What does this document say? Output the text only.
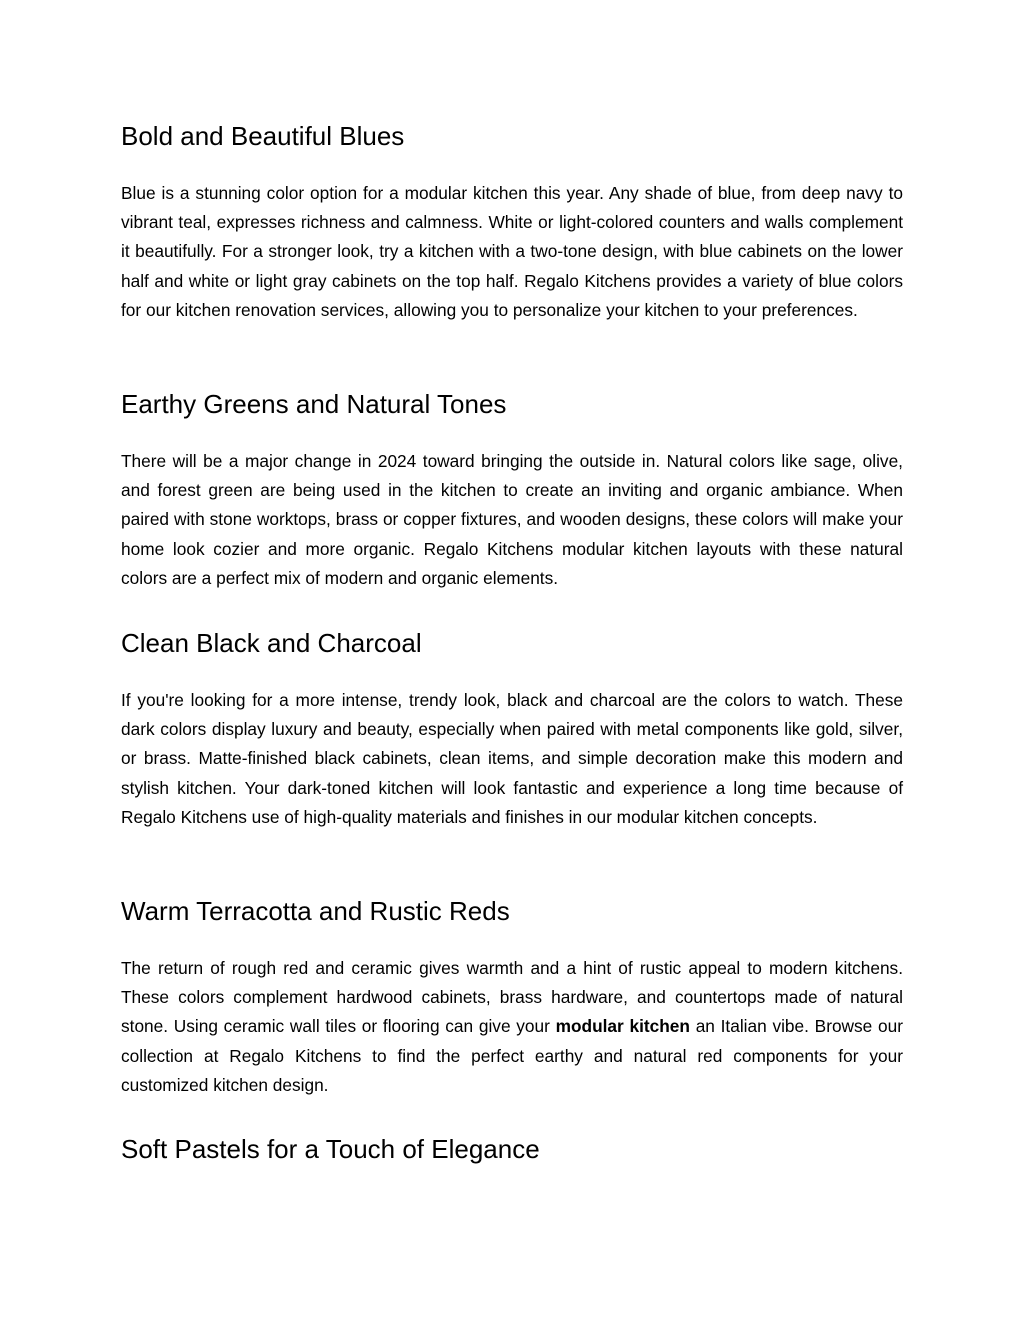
Bold and Beautiful Blues

Blue is a stunning color option for a modular kitchen this year. Any shade of blue, from deep navy to vibrant teal, expresses richness and calmness. White or light-colored counters and walls complement it beautifully. For a stronger look, try a kitchen with a two-tone design, with blue cabinets on the lower half and white or light gray cabinets on the top half. Regalo Kitchens provides a variety of blue colors for our kitchen renovation services, allowing you to personalize your kitchen to your preferences.

Earthy Greens and Natural Tones

There will be a major change in 2024 toward bringing the outside in. Natural colors like sage, olive, and forest green are being used in the kitchen to create an inviting and organic ambiance. When paired with stone worktops, brass or copper fixtures, and wooden designs, these colors will make your home look cozier and more organic. Regalo Kitchens modular kitchen layouts with these natural colors are a perfect mix of modern and organic elements.

Clean Black and Charcoal

If you're looking for a more intense, trendy look, black and charcoal are the colors to watch. These dark colors display luxury and beauty, especially when paired with metal components like gold, silver, or brass. Matte-finished black cabinets, clean items, and simple decoration make this modern and stylish kitchen. Your dark-toned kitchen will look fantastic and experience a long time because of Regalo Kitchens use of high-quality materials and finishes in our modular kitchen concepts.

Warm Terracotta and Rustic Reds

The return of rough red and ceramic gives warmth and a hint of rustic appeal to modern kitchens. These colors complement hardwood cabinets, brass hardware, and countertops made of natural stone. Using ceramic wall tiles or flooring can give your modular kitchen an Italian vibe. Browse our collection at Regalo Kitchens to find the perfect earthy and natural red components for your customized kitchen design.

Soft Pastels for a Touch of Elegance
